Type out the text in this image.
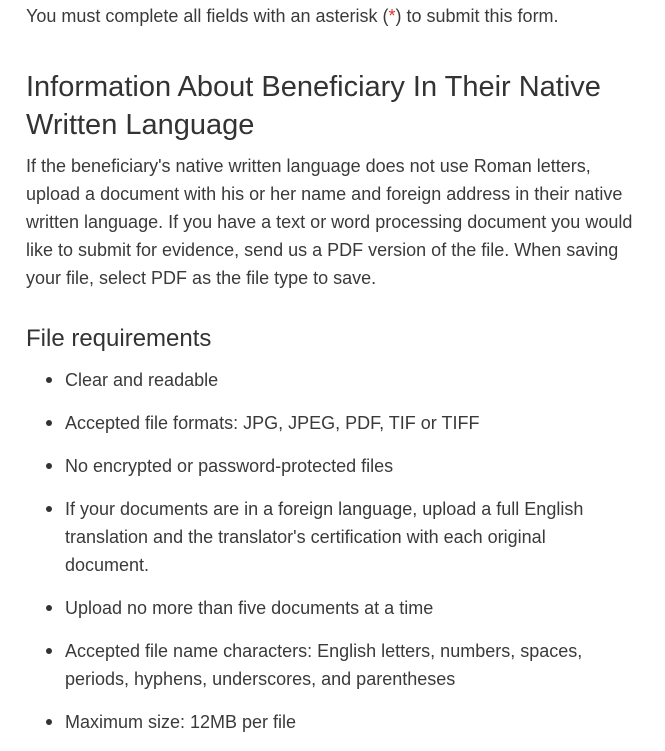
You must complete all fields with an asterisk (*) to submit this form.
Information About Beneficiary In Their Native Written Language

If the beneficiary's native written language does not use Roman letters, upload a document with his or her name and foreign address in their native written language. If you have a text or word processing document you would like to submit for evidence, send us a PDF version of the file. When saving your file, select PDF as the file type to save.

File requirements
Clear and readable
Accepted file formats: JPG, JPEG, PDF, TIF or TIFF
No encrypted or password-protected files
If your documents are in a foreign language, upload a full English translation and the translator's certification with each original document.
Upload no more than five documents at a time
Accepted file name characters: English letters, numbers, spaces, periods, hyphens, underscores, and parentheses
Maximum size: 12MB per file
